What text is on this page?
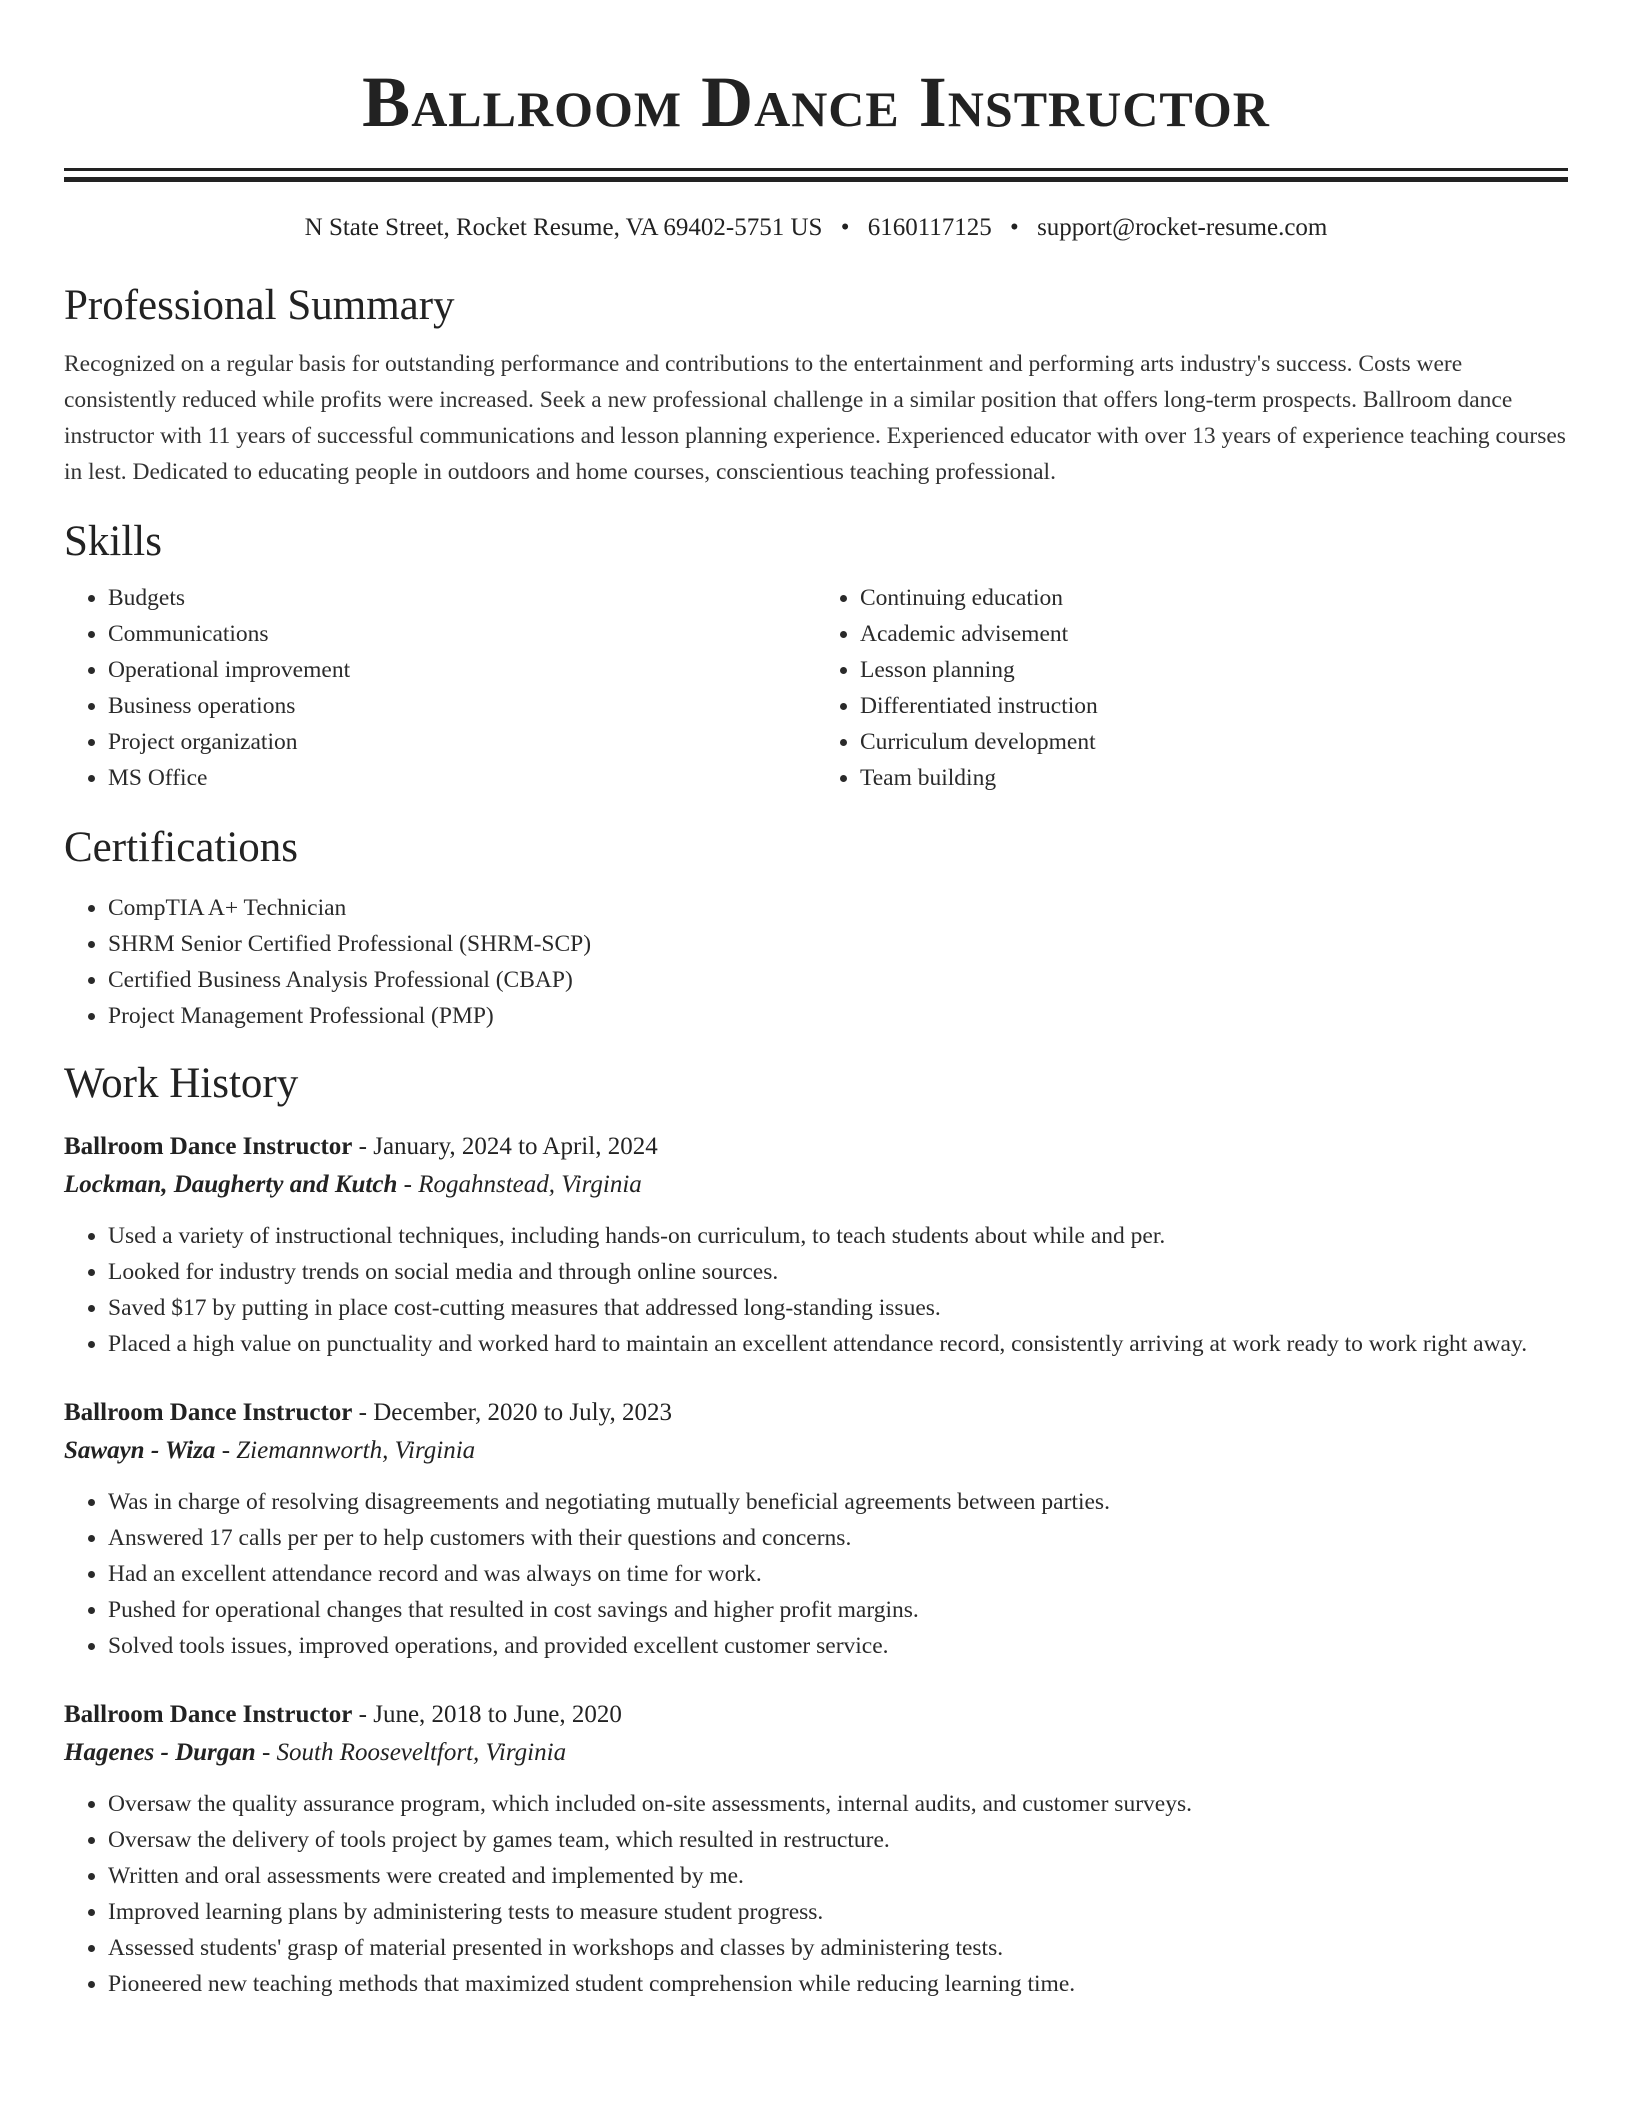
Ballroom Dance Instructor
N State Street, Rocket Resume, VA 69402-5751 US • 6160117125 • support@rocket-resume.com
Professional Summary

Recognized on a regular basis for outstanding performance and contributions to the entertainment and performing arts industry's success. Costs were consistently reduced while profits were increased. Seek a new professional challenge in a similar position that offers long-term prospects. Ballroom dance instructor with 11 years of successful communications and lesson planning experience. Experienced educator with over 13 years of experience teaching courses in lest. Dedicated to educating people in outdoors and home courses, conscientious teaching professional.

Skills
• Budgets
• Communications
• Operational improvement
• Business operations
• Project organization
• MS Office
• Continuing education
• Academic advisement
• Lesson planning
• Differentiated instruction
• Curriculum development
• Team building
Certifications
• CompTIA A+ Technician
• SHRM Senior Certified Professional (SHRM-SCP)
• Certified Business Analysis Professional (CBAP)
• Project Management Professional (PMP)
Work History
Ballroom Dance Instructor - January, 2024 to April, 2024
Lockman, Daugherty and Kutch - Rogahnstead, Virginia
• Used a variety of instructional techniques, including hands-on curriculum, to teach students about while and per.
• Looked for industry trends on social media and through online sources.
• Saved $17 by putting in place cost-cutting measures that addressed long-standing issues.
• Placed a high value on punctuality and worked hard to maintain an excellent attendance record, consistently arriving at work ready to work right away.
Ballroom Dance Instructor - December, 2020 to July, 2023
Sawayn - Wiza - Ziemannworth, Virginia
• Was in charge of resolving disagreements and negotiating mutually beneficial agreements between parties.
• Answered 17 calls per per to help customers with their questions and concerns.
• Had an excellent attendance record and was always on time for work.
• Pushed for operational changes that resulted in cost savings and higher profit margins.
• Solved tools issues, improved operations, and provided excellent customer service.
Ballroom Dance Instructor - June, 2018 to June, 2020
Hagenes - Durgan - South Rooseveltfort, Virginia
• Oversaw the quality assurance program, which included on-site assessments, internal audits, and customer surveys.
• Oversaw the delivery of tools project by games team, which resulted in restructure.
• Written and oral assessments were created and implemented by me.
• Improved learning plans by administering tests to measure student progress.
• Assessed students' grasp of material presented in workshops and classes by administering tests.
• Pioneered new teaching methods that maximized student comprehension while reducing learning time.
